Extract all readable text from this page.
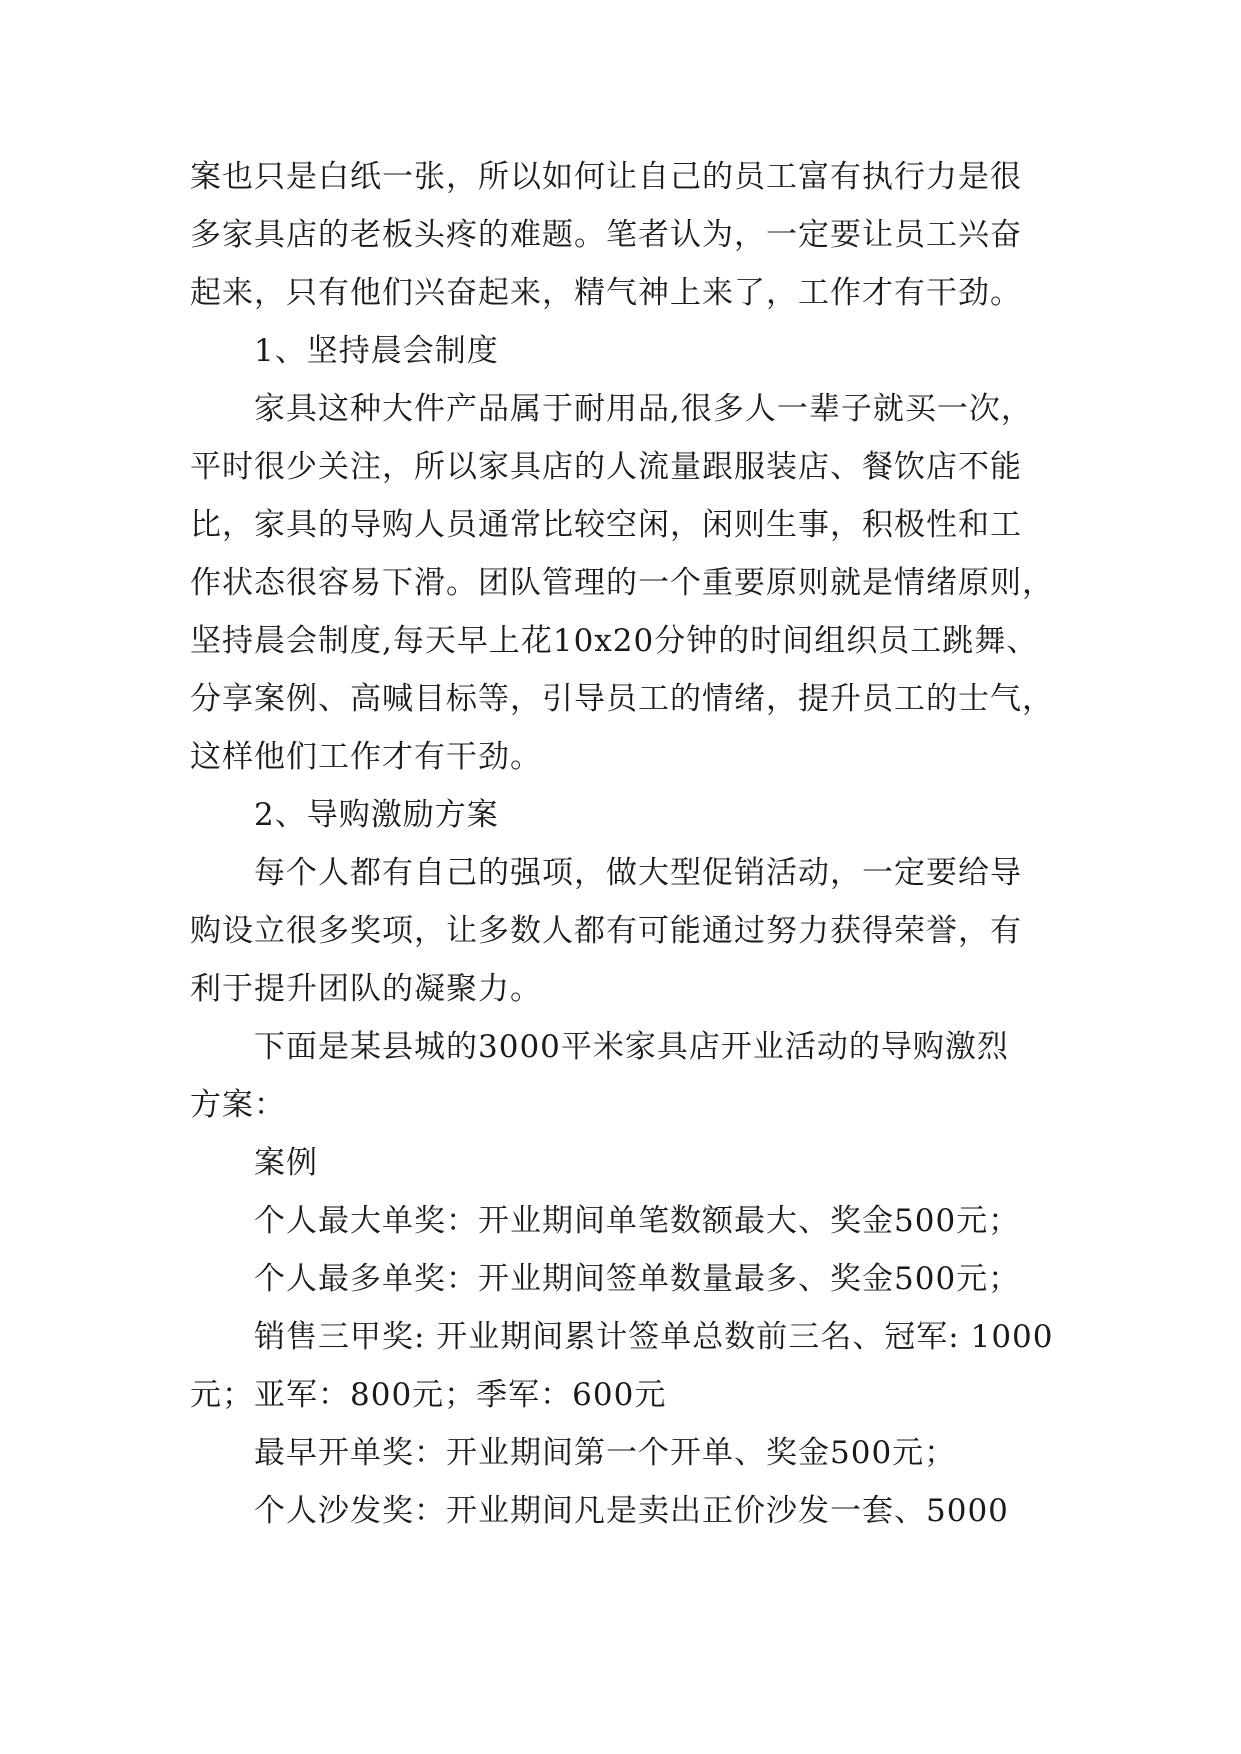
案也只是白纸一张，所以如何让自己的员工富有执行力是很
多家具店的老板头疼的难题。笔者认为，一定要让员工兴奋
起来，只有他们兴奋起来，精气神上来了，工作才有干劲。
1、坚持晨会制度
家具这种大件产品属于耐用品,很多人一辈子就买一次，
平时很少关注，所以家具店的人流量跟服装店、餐饮店不能
比，家具的导购人员通常比较空闲，闲则生事，积极性和工
作状态很容易下滑。团队管理的一个重要原则就是情绪原则，
坚持晨会制度,每天早上花10x20分钟的时间组织员工跳舞、
分享案例、高喊目标等，引导员工的情绪，提升员工的士气，
这样他们工作才有干劲。
2、导购激励方案
每个人都有自己的强项，做大型促销活动，一定要给导
购设立很多奖项，让多数人都有可能通过努力获得荣誉，有
利于提升团队的凝聚力。
下面是某县城的3000平米家具店开业活动的导购激烈
方案：
案例
个人最大单奖：开业期间单笔数额最大、奖金500元；
个人最多单奖：开业期间签单数量最多、奖金500元；
销售三甲奖: 开业期间累计签单总数前三名、冠军: 1000
元；亚军：800元；季军：600元
最早开单奖：开业期间第一个开单、奖金500元；
个人沙发奖：开业期间凡是卖出正价沙发一套、5000
